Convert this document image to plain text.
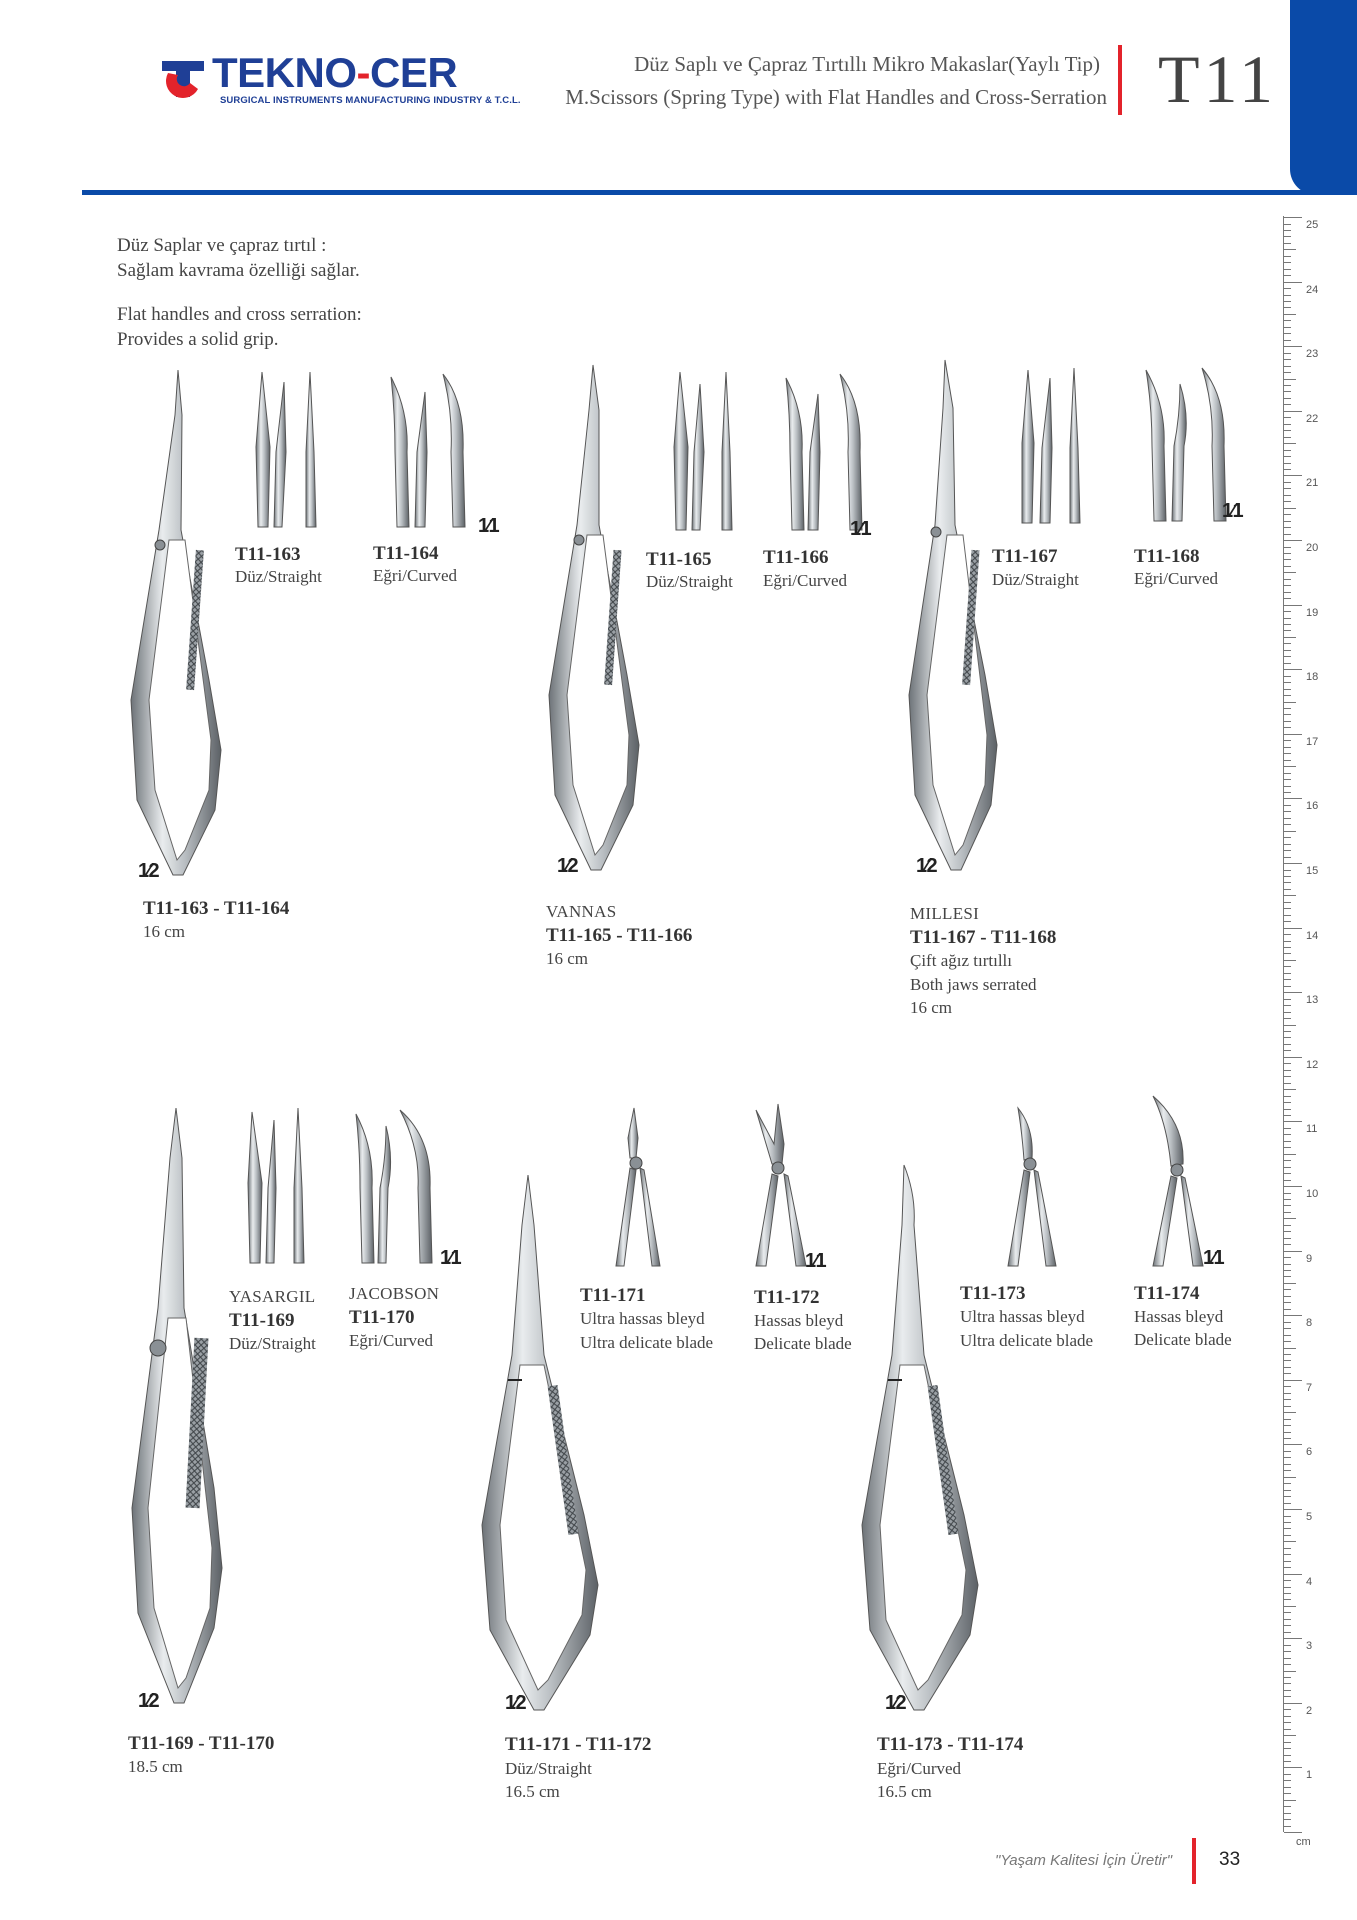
TEKNO-CER
SURGICAL INSTRUMENTS MANUFACTURING INDUSTRY & T.C.L.
Düz Saplı ve Çapraz Tırtıllı Mikro Makaslar(Yaylı Tip)
M.Scissors (Spring Type) with Flat Handles and Cross-Serration T11
Düz Saplar ve çapraz tırtıl :
Sağlam kavrama özelliği sağlar.
Flat handles and cross serration:
Provides a solid grip.
1
2
3
4
5
6
7
8
9
10
11
12
13
14
15
16
17
18
19
20
21
22
23
24
25
cm
1⁄1
T11-163
Düz/Straight
T11-164
Eğri/Curved
1⁄2
T11-163 - T11-164
16 cm
1⁄1
T11-165
Düz/Straight
T11-166
Eğri/Curved
1⁄2
VANNAS
T11-165 - T11-166
16 cm
1⁄1
T11-167
Düz/Straight
T11-168
Eğri/Curved
1⁄2
MILLESI
T11-167 - T11-168
Çift ağız tırtıllı
Both jaws serrated
16 cm
1⁄1
YASARGIL
T11-169
Düz/Straight
JACOBSON
T11-170
Eğri/Curved
1⁄2
T11-169 - T11-170
18.5 cm
1⁄1
T11-171
Ultra hassas bleyd
Ultra delicate blade
T11-172
Hassas bleyd
Delicate blade
1⁄2
T11-171 - T11-172
Düz/Straight
16.5 cm
1⁄1
T11-173
Ultra hassas bleyd
Ultra delicate blade
T11-174
Hassas bleyd
Delicate blade
1⁄2
T11-173 - T11-174
Eğri/Curved
16.5 cm
"Yaşam Kalitesi İçin Üretir" 33
